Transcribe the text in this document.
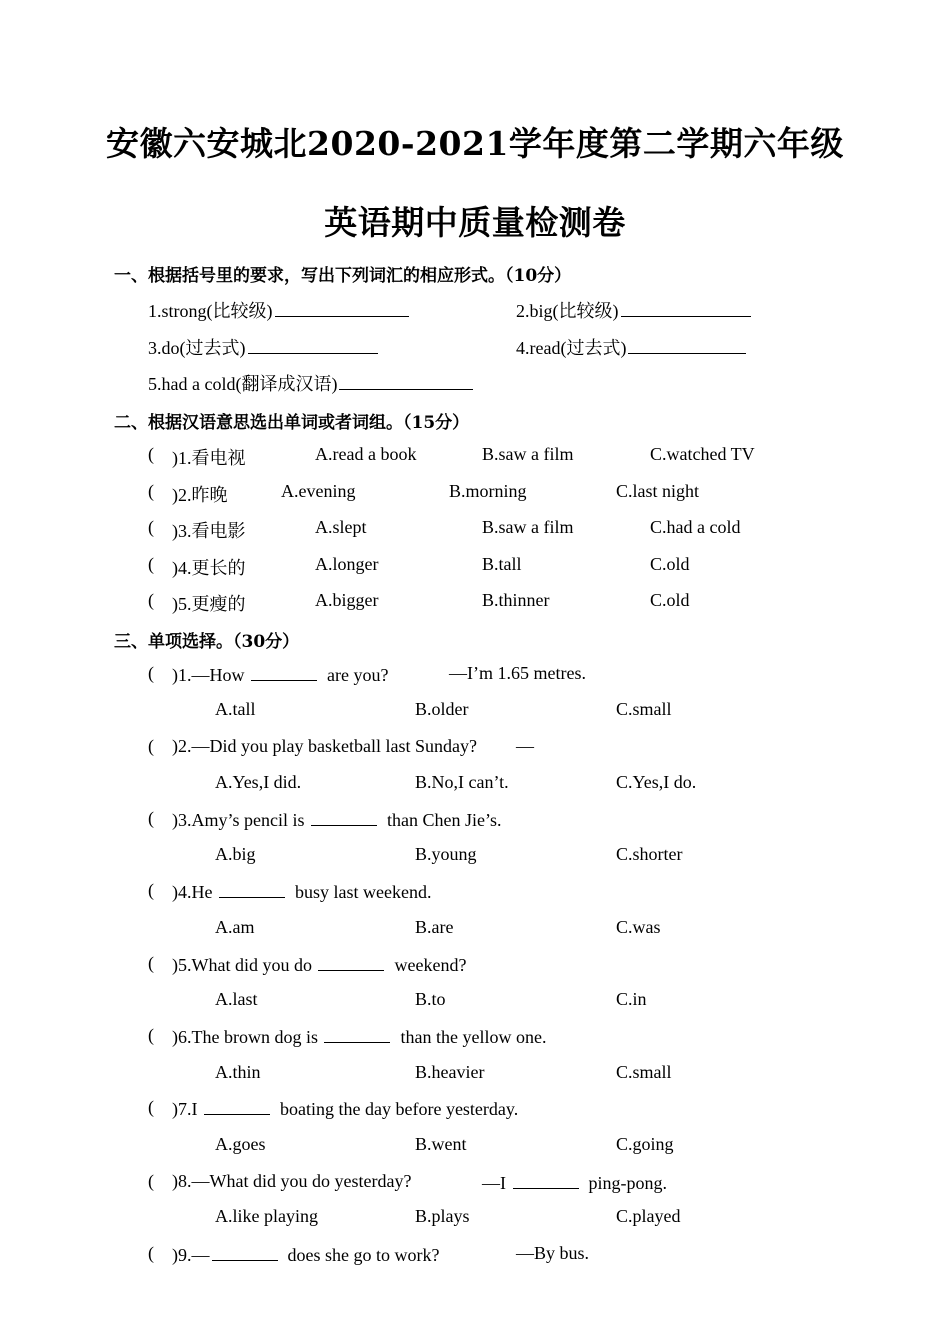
安徽六安城北2020-2021学年度第二学期六年级
英语期中质量检测卷
一、根据括号里的要求，写出下列词汇的相应形式。（10分）
1.strong(比较级)	2.big(比较级)
3.do(过去式)	4.read(过去式)
5.had a cold(翻译成汉语)
二、根据汉语意思选出单词或者词组。（15分）
( )1.看电视	A.read a book	B.saw a film	C.watched TV
( )2.昨晚	A.evening	B.morning	C.last night
( )3.看电影	A.slept	B.saw a film	C.had a cold
( )4.更长的	A.longer	B.tall	C.old
( )5.更瘦的	A.bigger	B.thinner	C.old
三、单项选择。（30分）
( )1.—How	are you?	—I’m 1.65 metres.
A.tall	B.older	C.small
( )2.—Did you play basketball last Sunday? —
A.Yes,I did.	B.No,I can’t.	C.Yes,I do.
( )3.Amy’s pencil is	than Chen Jie’s.
A.big	B.young	C.shorter
( )4.He	busy last weekend.
A.am	B.are	C.was
( )5.What did you do	weekend?
A.last	B.to	C.in
( )6.The brown dog is	than the yellow one.
A.thin	B.heavier	C.small
( )7.I	boating the day before yesterday.
A.goes	B.went	C.going
( )8.—What did you do yesterday?	—I	ping-pong.
A.like playing	B.plays	C.played
( )9.—	does she go to work?	—By bus.
